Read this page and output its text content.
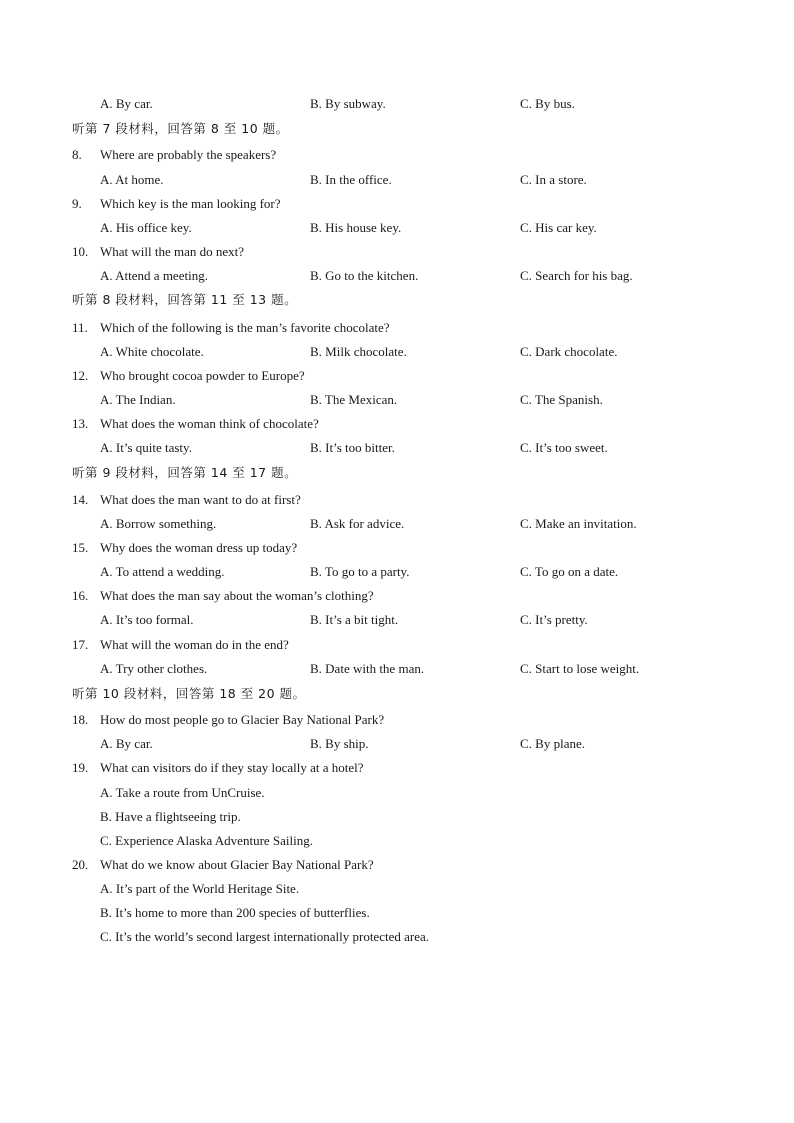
A. By car.	B. By subway.	C. By bus.
听第 7 段材料，回答第 8 至 10 题。
8. Where are probably the speakers?
A. At home.	B. In the office.	C. In a store.
9. Which key is the man looking for?
A. His office key.	B. His house key.	C. His car key.
10. What will the man do next?
A. Attend a meeting.	B. Go to the kitchen.	C. Search for his bag.
听第 8 段材料，回答第 11 至 13 题。
11. Which of the following is the man’s favorite chocolate?
A. White chocolate.	B. Milk chocolate.	C. Dark chocolate.
12. Who brought cocoa powder to Europe?
A. The Indian.	B. The Mexican.	C. The Spanish.
13. What does the woman think of chocolate?
A. It’s quite tasty.	B. It’s too bitter.	C. It’s too sweet.
听第 9 段材料，回答第 14 至 17 题。
14. What does the man want to do at first?
A. Borrow something.	B. Ask for advice.	C. Make an invitation.
15. Why does the woman dress up today?
A. To attend a wedding.	B. To go to a party.	C. To go on a date.
16. What does the man say about the woman’s clothing?
A. It’s too formal.	B. It’s a bit tight.	C. It’s pretty.
17. What will the woman do in the end?
A. Try other clothes.	B. Date with the man.	C. Start to lose weight.
听第 10 段材料，回答第 18 至 20 题。
18. How do most people go to Glacier Bay National Park?
A. By car.	B. By ship.	C. By plane.
19. What can visitors do if they stay locally at a hotel?
A. Take a route from UnCruise.
B. Have a flightseeing trip.
C. Experience Alaska Adventure Sailing.
20. What do we know about Glacier Bay National Park?
A. It’s part of the World Heritage Site.
B. It’s home to more than 200 species of butterflies.
C. It’s the world’s second largest internationally protected area.
